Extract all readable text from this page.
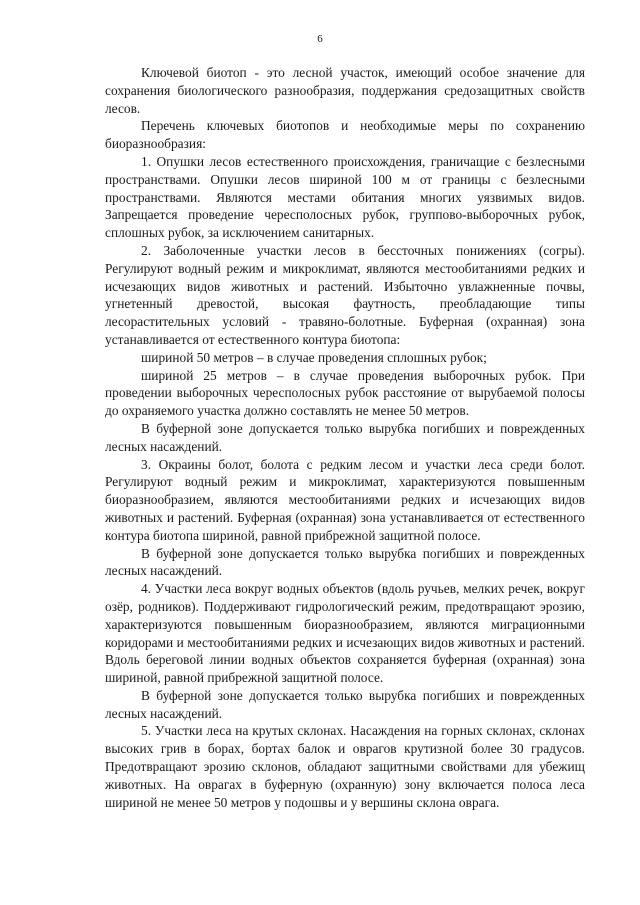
6

Ключевой биотоп - это лесной участок, имеющий особое значение для сохранения биологического разнообразия, поддержания средозащитных свойств лесов.

Перечень ключевых биотопов и необходимые меры по сохранению биоразнообразия:

1. Опушки лесов естественного происхождения, граничащие с безлесными пространствами. Опушки лесов шириной 100 м от границы с безлесными пространствами. Являются местами обитания многих уязвимых видов. Запрещается проведение чересполосных рубок, группово-выборочных рубок, сплошных рубок, за исключением санитарных.

2. Заболоченные участки лесов в бессточных понижениях (согры). Регулируют водный режим и микроклимат, являются местообитаниями редких и исчезающих видов животных и растений. Избыточно увлажненные почвы, угнетенный древостой, высокая фаутность, преобладающие типы лесорастительных условий - травяно-болотные. Буферная (охранная) зона устанавливается от естественного контура биотопа:

шириной 50 метров – в случае проведения сплошных рубок;

шириной 25 метров – в случае проведения выборочных рубок. При проведении выборочных чересполосных рубок расстояние от вырубаемой полосы до охраняемого участка должно составлять не менее 50 метров.

В буферной зоне допускается только вырубка погибших и поврежденных лесных насаждений.

3. Окраины болот, болота с редким лесом и участки леса среди болот. Регулируют водный режим и микроклимат, характеризуются повышенным биоразнообразием, являются местообитаниями редких и исчезающих видов животных и растений. Буферная (охранная) зона устанавливается от естественного контура биотопа шириной, равной прибрежной защитной полосе.

В буферной зоне допускается только вырубка погибших и поврежденных лесных насаждений.

4. Участки леса вокруг водных объектов (вдоль ручьев, мелких речек, вокруг озёр, родников). Поддерживают гидрологический режим, предотвращают эрозию, характеризуются повышенным биоразнообразием, являются миграционными коридорами и местообитаниями редких и исчезающих видов животных и растений. Вдоль береговой линии водных объектов сохраняется буферная (охранная) зона шириной, равной прибрежной защитной полосе.

В буферной зоне допускается только вырубка погибших и поврежденных лесных насаждений.

5. Участки леса на крутых склонах. Насаждения на горных склонах, склонах высоких грив в борах, бортах балок и оврагов крутизной более 30 градусов. Предотвращают эрозию склонов, обладают защитными свойствами для убежищ животных. На оврагах в буферную (охранную) зону включается полоса леса шириной не менее 50 метров у подошвы и у вершины склона оврага.
